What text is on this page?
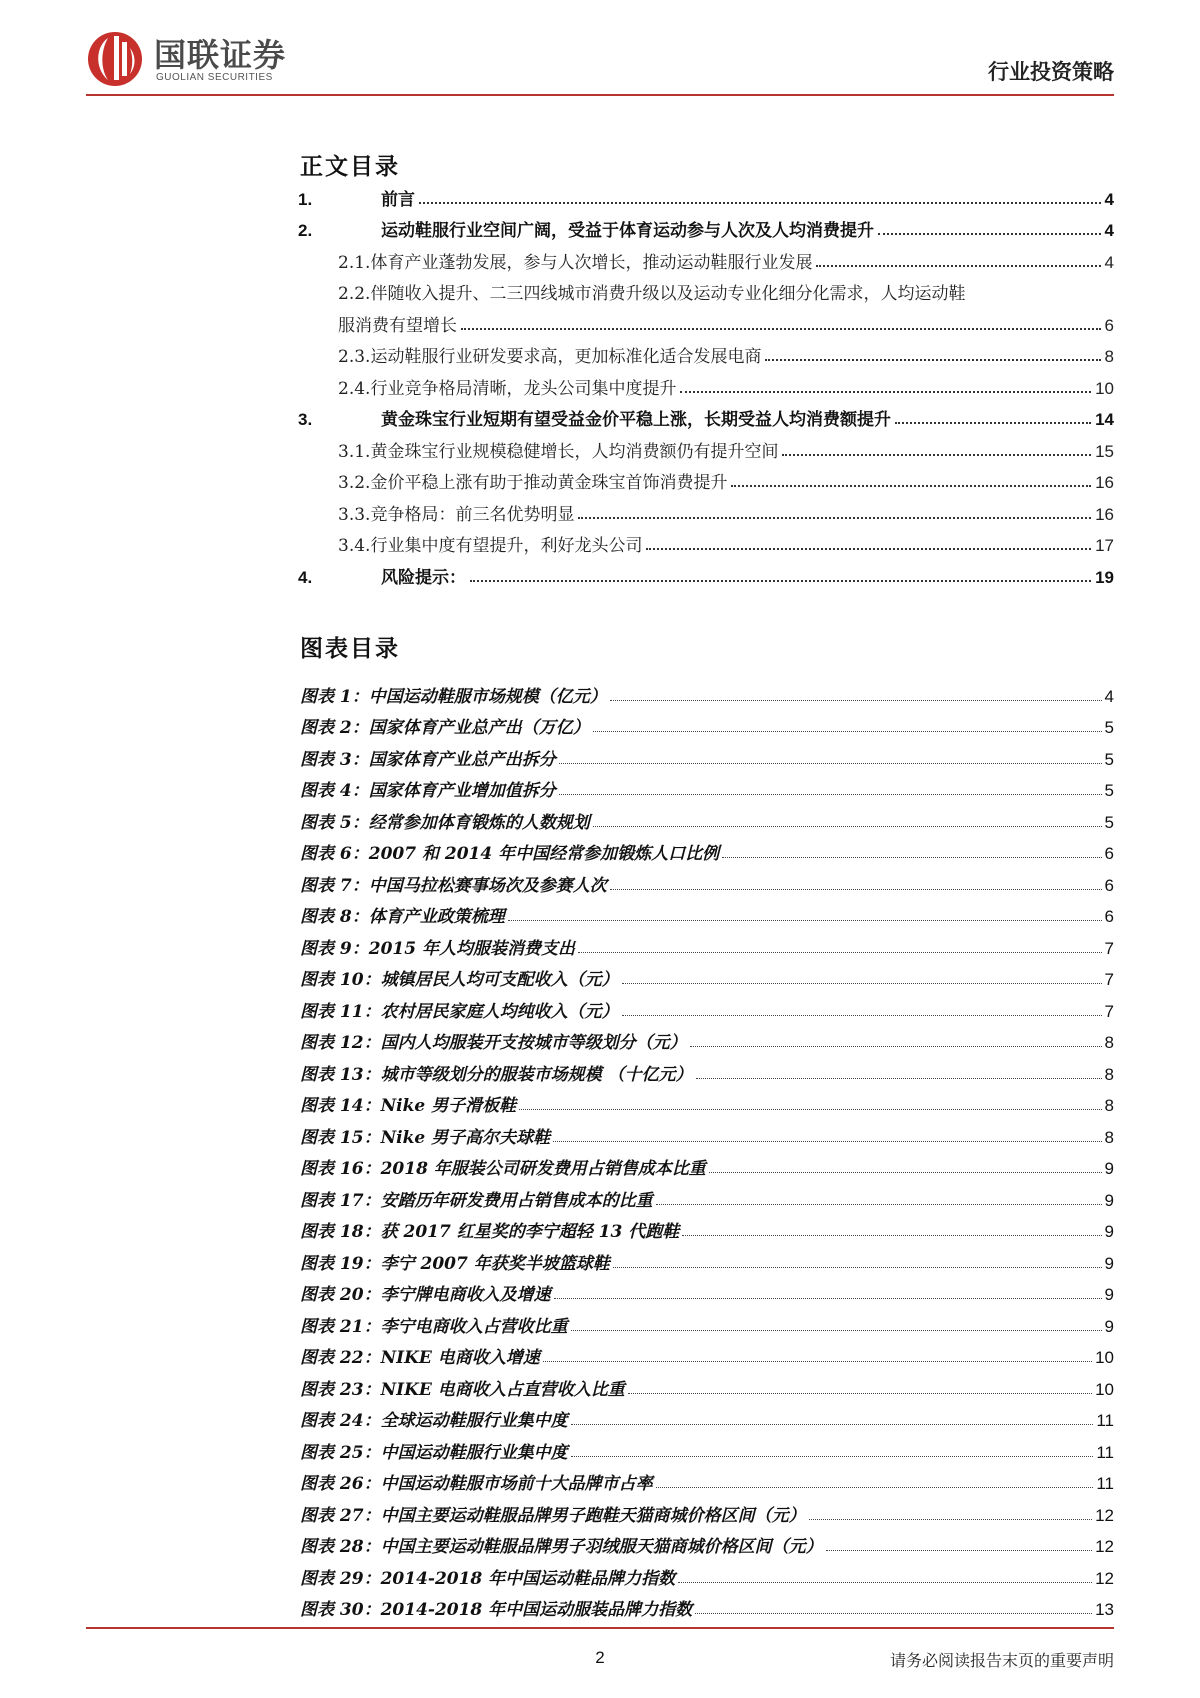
国联证券
GUOLIAN SECURITIES	行业投资策略
正文目录
1.	前言	4
2.	运动鞋服行业空间广阔，受益于体育运动参与人次及人均消费提升	4
2.1. 体育产业蓬勃发展，参与人次增长，推动运动鞋服行业发展	4
2.2. 伴随收入提升、二三四线城市消费升级以及运动专业化细分化需求，人均运动鞋
服消费有望增长	6
2.3. 运动鞋服行业研发要求高，更加标准化适合发展电商	8
2.4. 行业竞争格局清晰，龙头公司集中度提升	10
3.	黄金珠宝行业短期有望受益金价平稳上涨，长期受益人均消费额提升	14
3.1. 黄金珠宝行业规模稳健增长，人均消费额仍有提升空间	15
3.2. 金价平稳上涨有助于推动黄金珠宝首饰消费提升	16
3.3. 竞争格局：前三名优势明显	16
3.4. 行业集中度有望提升，利好龙头公司	17
4.	风险提示：	19
图表目录
图表 1： 中国运动鞋服市场规模（亿元）	4
图表 2： 国家体育产业总产出（万亿）	5
图表 3： 国家体育产业总产出拆分	5
图表 4： 国家体育产业增加值拆分	5
图表 5： 经常参加体育锻炼的人数规划	5
图表 6： 2007 和 2014 年中国经常参加锻炼人口比例	6
图表 7： 中国马拉松赛事场次及参赛人次	6
图表 8： 体育产业政策梳理	6
图表 9： 2015 年人均服装消费支出	7
图表 10： 城镇居民人均可支配收入（元）	7
图表 11： 农村居民家庭人均纯收入（元）	7
图表 12： 国内人均服装开支按城市等级划分（元）	8
图表 13： 城市等级划分的服装市场规模 （十亿元）	8
图表 14： Nike 男子滑板鞋	8
图表 15： Nike 男子高尔夫球鞋	8
图表 16： 2018 年服装公司研发费用占销售成本比重	9
图表 17： 安踏历年研发费用占销售成本的比重	9
图表 18： 获 2017 红星奖的李宁超轻 13 代跑鞋	9
图表 19： 李宁 2007 年获奖半坡篮球鞋	9
图表 20： 李宁牌电商收入及增速	9
图表 21： 李宁电商收入占营收比重	9
图表 22： NIKE 电商收入增速	10
图表 23： NIKE 电商收入占直营收入比重	10
图表 24： 全球运动鞋服行业集中度	11
图表 25： 中国运动鞋服行业集中度	11
图表 26： 中国运动鞋服市场前十大品牌市占率	11
图表 27： 中国主要运动鞋服品牌男子跑鞋天猫商城价格区间（元）	12
图表 28： 中国主要运动鞋服品牌男子羽绒服天猫商城价格区间（元）	12
图表 29： 2014-2018 年中国运动鞋品牌力指数	12
图表 30： 2014-2018 年中国运动服装品牌力指数	13
2	请务必阅读报告末页的重要声明
